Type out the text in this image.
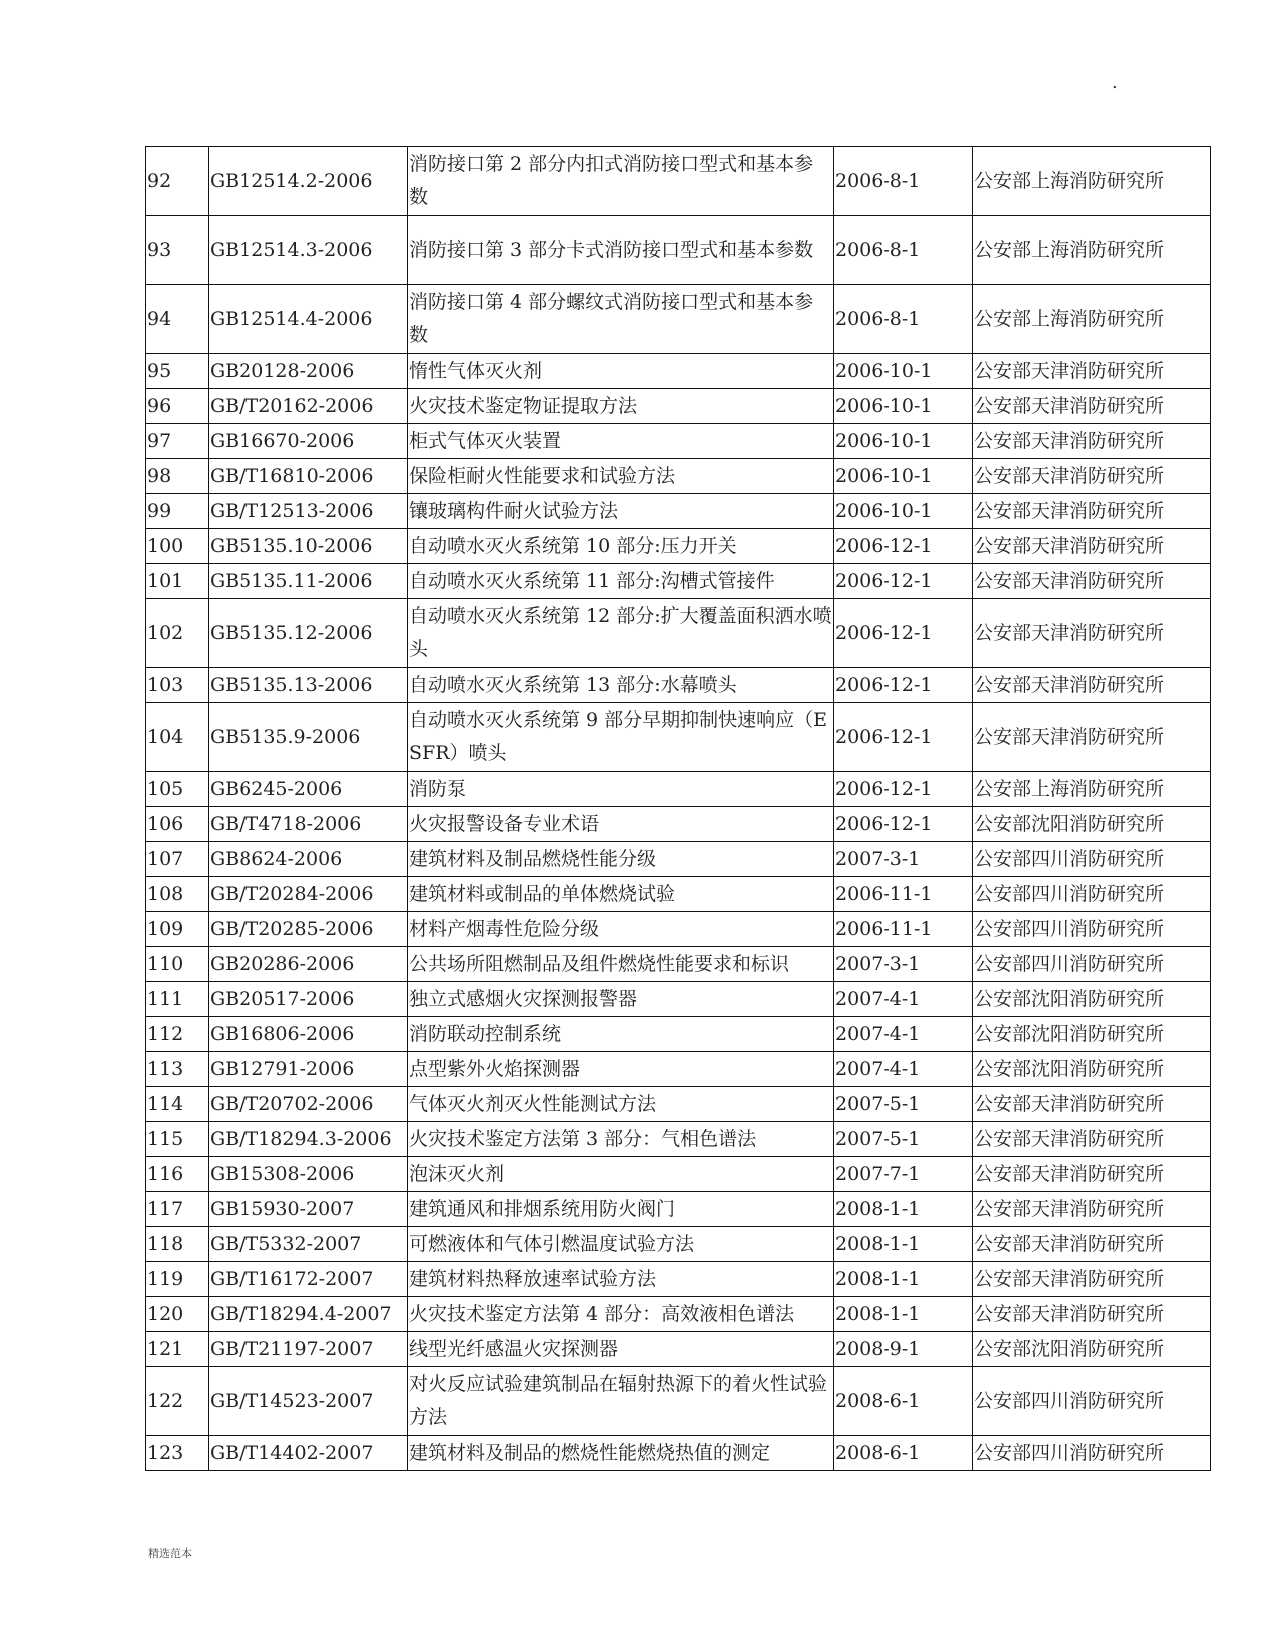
.
92	GB12514.2-2006	消防接口第 2 部分内扣式消防接口型式和基本参数	2006-8-1	公安部上海消防研究所
93	GB12514.3-2006	消防接口第 3 部分卡式消防接口型式和基本参数	2006-8-1	公安部上海消防研究所
94	GB12514.4-2006	消防接口第 4 部分螺纹式消防接口型式和基本参数	2006-8-1	公安部上海消防研究所
95	GB20128-2006	惰性气体灭火剂	2006-10-1	公安部天津消防研究所
96	GB/T20162-2006	火灾技术鉴定物证提取方法	2006-10-1	公安部天津消防研究所
97	GB16670-2006	柜式气体灭火装置	2006-10-1	公安部天津消防研究所
98	GB/T16810-2006	保险柜耐火性能要求和试验方法	2006-10-1	公安部天津消防研究所
99	GB/T12513-2006	镶玻璃构件耐火试验方法	2006-10-1	公安部天津消防研究所
100	GB5135.10-2006	自动喷水灭火系统第 10 部分:压力开关	2006-12-1	公安部天津消防研究所
101	GB5135.11-2006	自动喷水灭火系统第 11 部分:沟槽式管接件	2006-12-1	公安部天津消防研究所
102	GB5135.12-2006	自动喷水灭火系统第 12 部分:扩大覆盖面积洒水喷头	2006-12-1	公安部天津消防研究所
103	GB5135.13-2006	自动喷水灭火系统第 13 部分:水幕喷头	2006-12-1	公安部天津消防研究所
104	GB5135.9-2006	自动喷水灭火系统第 9 部分早期抑制快速响应（ESFR）喷头	2006-12-1	公安部天津消防研究所
105	GB6245-2006	消防泵	2006-12-1	公安部上海消防研究所
106	GB/T4718-2006	火灾报警设备专业术语	2006-12-1	公安部沈阳消防研究所
107	GB8624-2006	建筑材料及制品燃烧性能分级	2007-3-1	公安部四川消防研究所
108	GB/T20284-2006	建筑材料或制品的单体燃烧试验	2006-11-1	公安部四川消防研究所
109	GB/T20285-2006	材料产烟毒性危险分级	2006-11-1	公安部四川消防研究所
110	GB20286-2006	公共场所阻燃制品及组件燃烧性能要求和标识	2007-3-1	公安部四川消防研究所
111	GB20517-2006	独立式感烟火灾探测报警器	2007-4-1	公安部沈阳消防研究所
112	GB16806-2006	消防联动控制系统	2007-4-1	公安部沈阳消防研究所
113	GB12791-2006	点型紫外火焰探测器	2007-4-1	公安部沈阳消防研究所
114	GB/T20702-2006	气体灭火剂灭火性能测试方法	2007-5-1	公安部天津消防研究所
115	GB/T18294.3-2006	火灾技术鉴定方法第 3 部分：气相色谱法	2007-5-1	公安部天津消防研究所
116	GB15308-2006	泡沫灭火剂	2007-7-1	公安部天津消防研究所
117	GB15930-2007	建筑通风和排烟系统用防火阀门	2008-1-1	公安部天津消防研究所
118	GB/T5332-2007	可燃液体和气体引燃温度试验方法	2008-1-1	公安部天津消防研究所
119	GB/T16172-2007	建筑材料热释放速率试验方法	2008-1-1	公安部天津消防研究所
120	GB/T18294.4-2007	火灾技术鉴定方法第 4 部分：高效液相色谱法	2008-1-1	公安部天津消防研究所
121	GB/T21197-2007	线型光纤感温火灾探测器	2008-9-1	公安部沈阳消防研究所
122	GB/T14523-2007	对火反应试验建筑制品在辐射热源下的着火性试验方法	2008-6-1	公安部四川消防研究所
123	GB/T14402-2007	建筑材料及制品的燃烧性能燃烧热值的测定	2008-6-1	公安部四川消防研究所
精选范本
